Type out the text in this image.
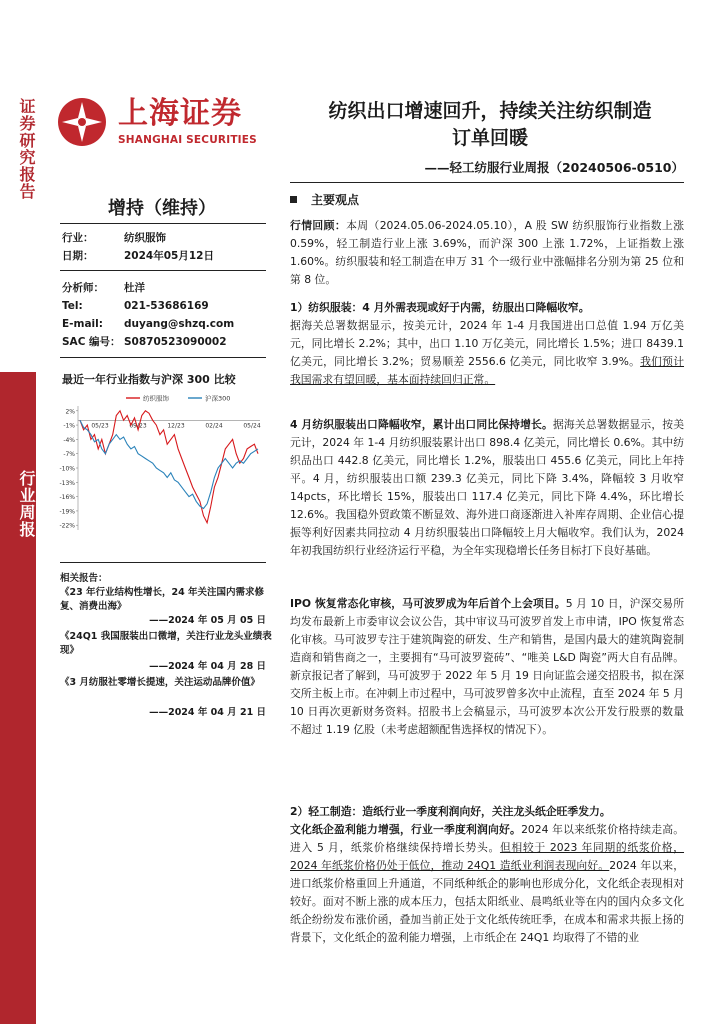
证券研究报告
行业周报
上海证券
SHANGHAI SECURITIES
纺织出口增速回升，持续关注纺织制造
订单回暖
——轻工纺服行业周报（20240506-0510）
增持（维持）
行业：	纺织服饰
日期：	2024年05月12日
分析师： 杜洋
Tel:	021-53686169
E-mail: duyang@shzq.com
SAC 编号： S0870523090002
最近一年行业指数与沪深 300 比较
2%
-1%
-4%
-7%
-10%
-13%
-16%
-19%
-22%
05/23	09/23	12/23	02/24	05/24
纺织服饰	沪深300
相关报告：
《23 年行业结构性增长，24 年关注国内需求修复、消费出海》
——2024 年 05 月 05 日
《24Q1 我国服装出口微增，关注行业龙头业绩表现》
——2024 年 04 月 28 日
《3 月纺服社零增长提速，关注运动品牌价值》
——2024 年 04 月 21 日
主要观点

行情回顾：本周（2024.05.06-2024.05.10），A 股 SW 纺织服饰行业指数上涨 0.59%，轻工制造行业上涨 3.69%，而沪深 300 上涨 1.72%，上证指数上涨 1.60%。纺织服装和轻工制造在申万 31 个一级行业中涨幅排名分别为第 25 位和第 8 位。

1）纺织服装：4 月外需表现或好于内需，纺服出口降幅收窄。
据海关总署数据显示，按美元计，2024 年 1-4 月我国进出口总值 1.94 万亿美元，同比增长 2.2%；其中，出口 1.10 万亿美元，同比增长 1.5%；进口 8439.1 亿美元，同比增长 3.2%；贸易顺差 2556.6 亿美元，同比收窄 3.9%。我们预计我国需求有望回暖，基本面持续回归正常。

4 月纺织服装出口降幅收窄，累计出口同比保持增长。据海关总署数据显示，按美元计，2024 年 1-4 月纺织服装累计出口 898.4 亿美元，同比增长 0.6%。其中纺织品出口 442.8 亿美元，同比增长 1.2%，服装出口 455.6 亿美元，同比上年持平。4 月，纺织服装出口额 239.3 亿美元，同比下降 3.4%，降幅较 3 月收窄 14pcts，环比增长 15%，服装出口 117.4 亿美元，同比下降 4.4%，环比增长 12.6%。我国稳外贸政策不断显效、海外进口商逐渐进入补库存周期、企业信心提振等利好因素共同拉动 4 月纺织服装出口降幅较上月大幅收窄。我们认为，2024 年初我国纺织行业经济运行平稳，为全年实现稳增长任务目标打下良好基础。

IPO 恢复常态化审核，马可波罗成为年后首个上会项目。5 月 10 日，沪深交易所均发布最新上市委审议会议公告，其中审议马可波罗首发上市申请，IPO 恢复常态化审核。马可波罗专注于建筑陶瓷的研发、生产和销售，是国内最大的建筑陶瓷制造商和销售商之一，主要拥有“马可波罗瓷砖”、“唯美 L&D 陶瓷”两大自有品牌。新京报记者了解到，马可波罗于 2022 年 5 月 19 日向证监会递交招股书，拟在深交所主板上市。在冲刺上市过程中，马可波罗曾多次中止流程，直至 2024 年 5 月 10 日再次更新财务资料。招股书上会稿显示，马可波罗本次公开发行股票的数量不超过 1.19 亿股（未考虑超额配售选择权的情况下）。

2）轻工制造：造纸行业一季度利润向好，关注龙头纸企旺季发力。
文化纸企盈利能力增强，行业一季度利润向好。2024 年以来纸浆价格持续走高。进入 5 月，纸浆价格继续保持增长势头。但相较于 2023 年同期的纸浆价格，2024 年纸浆价格仍处于低位，推动 24Q1 造纸业利润表现向好。2024 年以来，进口纸浆价格重回上升通道，不同纸种纸企的影响也形成分化，文化纸企表现相对较好。面对不断上涨的成本压力，包括太阳纸业、晨鸣纸业等在内的国内众多文化纸企纷纷发布涨价函，叠加当前正处于文化纸传统旺季，在成本和需求共振上扬的背景下，文化纸企的盈利能力增强，上市纸企在 24Q1 均取得了不错的业
